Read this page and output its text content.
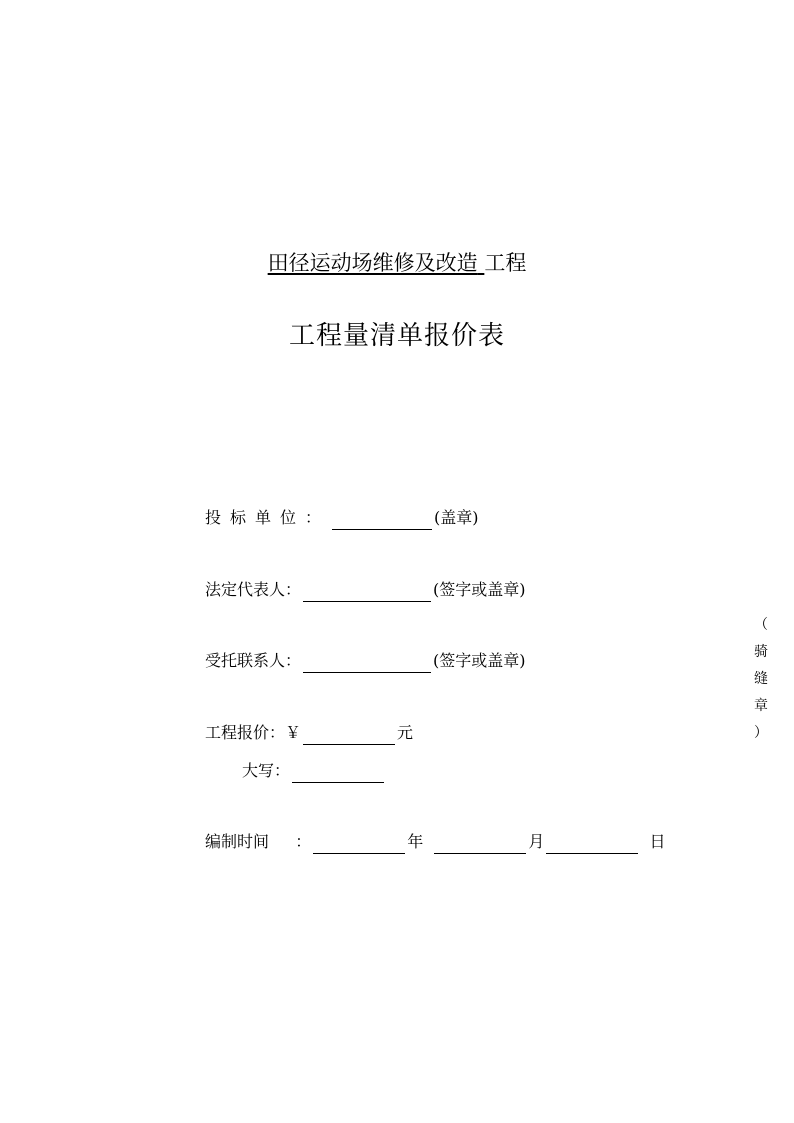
田径运动场维修及改造 工程
工程量清单报价表
投标单位：	(盖章)
法定代表人：	(签字或盖章)
受托联系人：	(签字或盖章)
工程报价：￥	元
大写：
编制时间 ：	年	月	日
（
骑
缝
章
）
